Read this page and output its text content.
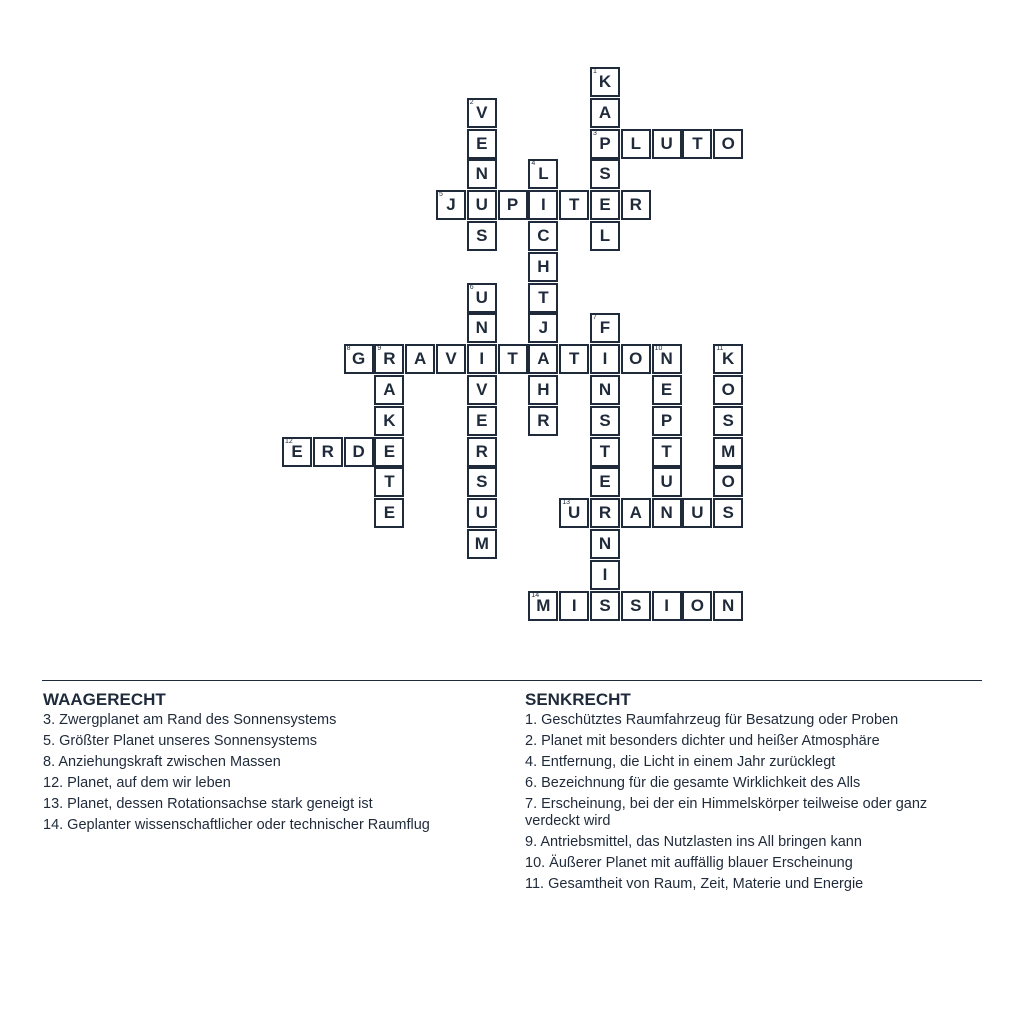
1
K
A
3
P
S
E
L
2
V
E
N
U
S
L	U	T	O
4
L
I
C
H
T
J
A
H
R
5
J	P	T	R
6
U
N
I
V
E
R
S
U
M
7
F
I
N
S
T
E
R
N
I
S
8
G
9
R	A	V	T	T	O
10
N
A
K
E
T
E
E
P
T
U
N
11
K
O
S
M
O
S
12
E	R	D
13
U	A	U
14
M	I	S	I	O	N
WAAGERECHT
3. Zwergplanet am Rand des Sonnensystems
5. Größter Planet unseres Sonnensystems
8. Anziehungskraft zwischen Massen
12. Planet, auf dem wir leben
13. Planet, dessen Rotationsachse stark geneigt ist
14. Geplanter wissenschaftlicher oder technischer Raumflug
SENKRECHT
1. Geschütztes Raumfahrzeug für Besatzung oder Proben
2. Planet mit besonders dichter und heißer Atmosphäre
4. Entfernung, die Licht in einem Jahr zurücklegt
6. Bezeichnung für die gesamte Wirklichkeit des Alls
7. Erscheinung, bei der ein Himmelskörper teilweise oder ganz verdeckt wird
9. Antriebsmittel, das Nutzlasten ins All bringen kann
10. Äußerer Planet mit auffällig blauer Erscheinung
11. Gesamtheit von Raum, Zeit, Materie und Energie
